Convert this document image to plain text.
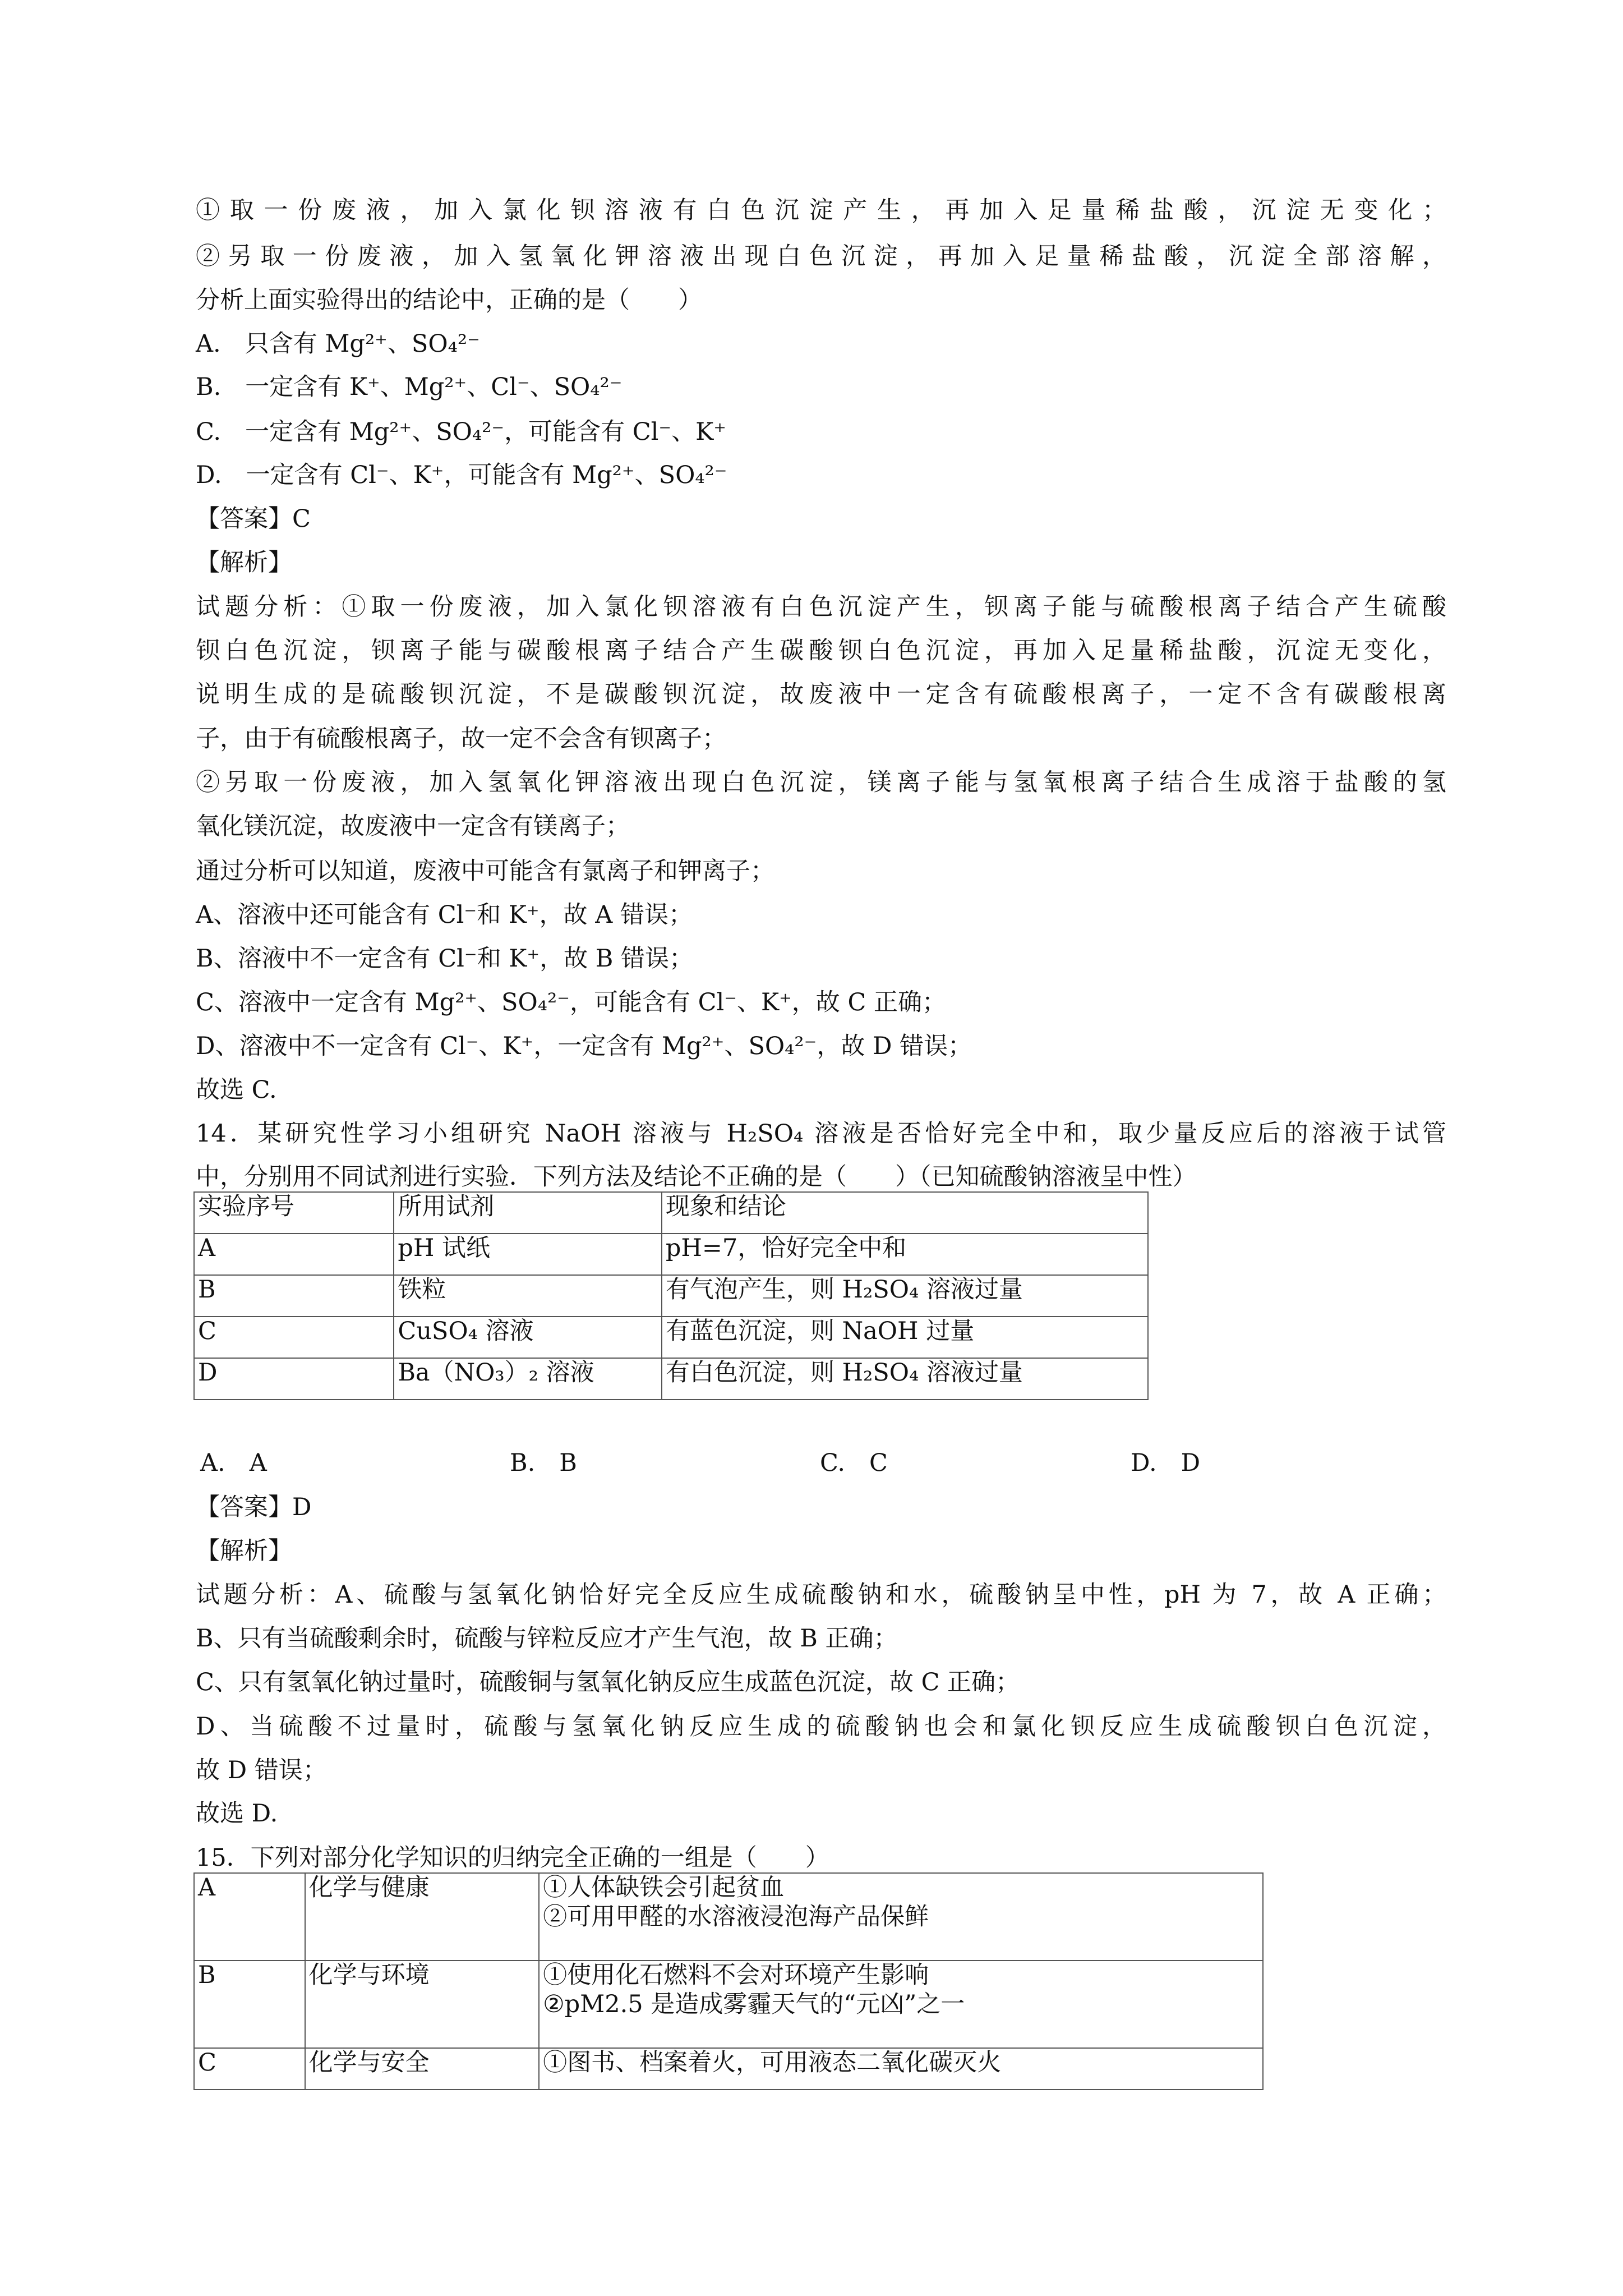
①取一份废液，加入氯化钡溶液有白色沉淀产生，再加入足量稀盐酸，沉淀无变化；
②另取一份废液，加入氢氧化钾溶液出现白色沉淀，再加入足量稀盐酸，沉淀全部溶解，
分析上面实验得出的结论中，正确的是（　　）
A.　只含有 Mg²⁺、SO₄²⁻
B.　一定含有 K⁺、Mg²⁺、Cl⁻、SO₄²⁻
C.　一定含有 Mg²⁺、SO₄²⁻，可能含有 Cl⁻、K⁺
D.　一定含有 Cl⁻、K⁺，可能含有 Mg²⁺、SO₄²⁻
【答案】C
【解析】
试题分析：①取一份废液，加入氯化钡溶液有白色沉淀产生，钡离子能与硫酸根离子结合产生硫酸
钡白色沉淀，钡离子能与碳酸根离子结合产生碳酸钡白色沉淀，再加入足量稀盐酸，沉淀无变化，
说明生成的是硫酸钡沉淀，不是碳酸钡沉淀，故废液中一定含有硫酸根离子，一定不含有碳酸根离
子，由于有硫酸根离子，故一定不会含有钡离子；
②另取一份废液，加入氢氧化钾溶液出现白色沉淀，镁离子能与氢氧根离子结合生成溶于盐酸的氢
氧化镁沉淀，故废液中一定含有镁离子；
通过分析可以知道，废液中可能含有氯离子和钾离子；
A、溶液中还可能含有 Cl⁻和 K⁺，故 A 错误；
B、溶液中不一定含有 Cl⁻和 K⁺，故 B 错误；
C、溶液中一定含有 Mg²⁺、SO₄²⁻，可能含有 Cl⁻、K⁺，故 C 正确；
D、溶液中不一定含有 Cl⁻、K⁺，一定含有 Mg²⁺、SO₄²⁻，故 D 错误；
故选 C.
14．某研究性学习小组研究 NaOH 溶液与 H₂SO₄ 溶液是否恰好完全中和，取少量反应后的溶液于试管
中，分别用不同试剂进行实验．下列方法及结论不正确的是（　　）（已知硫酸钠溶液呈中性）
实验序号	所用试剂	现象和结论
A	pH 试纸	pH=7，恰好完全中和
B	铁粒	有气泡产生，则 H₂SO₄ 溶液过量
C	CuSO₄ 溶液	有蓝色沉淀，则 NaOH 过量
D	Ba（NO₃）₂ 溶液	有白色沉淀，则 H₂SO₄ 溶液过量
A.　A	B.　B	C.　C	D.　D
【答案】D
【解析】
试题分析：A、硫酸与氢氧化钠恰好完全反应生成硫酸钠和水，硫酸钠呈中性，pH 为 7，故 A 正确；
B、只有当硫酸剩余时，硫酸与锌粒反应才产生气泡，故 B 正确；
C、只有氢氧化钠过量时，硫酸铜与氢氧化钠反应生成蓝色沉淀，故 C 正确；
D、当硫酸不过量时，硫酸与氢氧化钠反应生成的硫酸钠也会和氯化钡反应生成硫酸钡白色沉淀，
故 D 错误；
故选 D.
15．下列对部分化学知识的归纳完全正确的一组是（　　）
A	化学与健康	①人体缺铁会引起贫血
②可用甲醛的水溶液浸泡海产品保鲜

B	化学与环境	①使用化石燃料不会对环境产生影响
②pM2.5 是造成雾霾天气的“元凶”之一

C	化学与安全	①图书、档案着火，可用液态二氧化碳灭火
